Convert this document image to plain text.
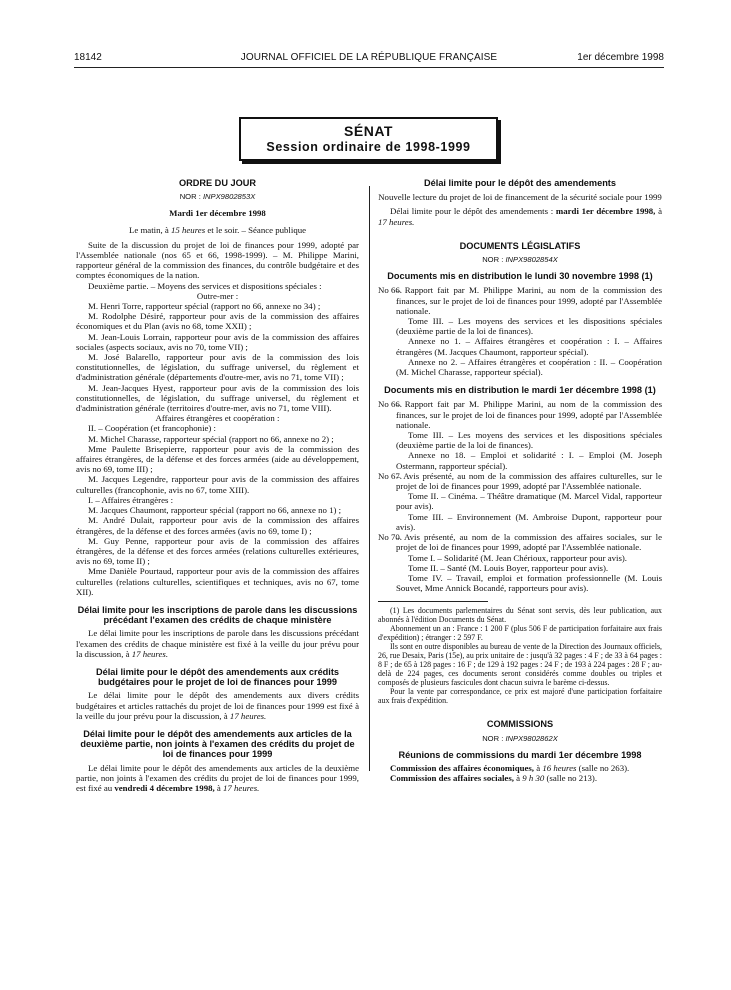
18142	JOURNAL OFFICIEL DE LA RÉPUBLIQUE FRANÇAISE	1er décembre 1998
SÉNAT
Session ordinaire de 1998-1999
ORDRE DU JOUR
NOR : INPX9802853X
Mardi 1er décembre 1998

Le matin, à 15 heures et le soir. – Séance publique

Suite de la discussion du projet de loi de finances pour 1999, adopté par l'Assemblée nationale (nos 65 et 66, 1998-1999). – M. Philippe Marini, rapporteur général de la commission des finances, du contrôle budgétaire et des comptes économiques de la nation.

Deuxième partie. – Moyens des services et dispositions spéciales :

Outre-mer :

M. Henri Torre, rapporteur spécial (rapport no 66, annexe no 34) ;

M. Rodolphe Désiré, rapporteur pour avis de la commission des affaires économiques et du Plan (avis no 68, tome XXII) ;

M. Jean-Louis Lorrain, rapporteur pour avis de la commission des affaires sociales (aspects sociaux, avis no 70, tome VII) ;

M. José Balarello, rapporteur pour avis de la commission des lois constitutionnelles, de législation, du suffrage universel, du règlement et d'administration générale (départements d'outre-mer, avis no 71, tome VII) ;

M. Jean-Jacques Hyest, rapporteur pour avis de la commission des lois constitutionnelles, de législation, du suffrage universel, du règlement et d'administration générale (territoires d'outre-mer, avis no 71, tome VIII).

Affaires étrangères et coopération :

II. – Coopération (et francophonie) :

M. Michel Charasse, rapporteur spécial (rapport no 66, annexe no 2) ;

Mme Paulette Brisepierre, rapporteur pour avis de la commission des affaires étrangères, de la défense et des forces armées (aide au développement, avis no 69, tome III) ;

M. Jacques Legendre, rapporteur pour avis de la commission des affaires culturelles (francophonie, avis no 67, tome XIII).

I. – Affaires étrangères :

M. Jacques Chaumont, rapporteur spécial (rapport no 66, annexe no 1) ;

M. André Dulait, rapporteur pour avis de la commission des affaires étrangères, de la défense et des forces armées (avis no 69, tome I) ;

M. Guy Penne, rapporteur pour avis de la commission des affaires étrangères, de la défense et des forces armées (relations culturelles extérieures, avis no 69, tome II) ;

Mme Danièle Pourtaud, rapporteur pour avis de la commission des affaires culturelles (relations culturelles, scientifiques et techniques, avis no 67, tome XII).

Délai limite pour les inscriptions de parole dans les discussions précédant l'examen des crédits de chaque ministère

Le délai limite pour les inscriptions de parole dans les discussions précédant l'examen des crédits de chaque ministère est fixé à la veille du jour prévu pour la discussion, à 17 heures.

Délai limite pour le dépôt des amendements aux crédits budgétaires pour le projet de loi de finances pour 1999

Le délai limite pour le dépôt des amendements aux divers crédits budgétaires et articles rattachés du projet de loi de finances pour 1999 est fixé à la veille du jour prévu pour la discussion, à 17 heures.

Délai limite pour le dépôt des amendements aux articles de la deuxième partie, non joints à l'examen des crédits du projet de loi de finances pour 1999

Le délai limite pour le dépôt des amendements aux articles de la deuxième partie, non joints à l'examen des crédits du projet de loi de finances pour 1999, est fixé au vendredi 4 décembre 1998, à 17 heures.

Délai limite pour le dépôt des amendements

Nouvelle lecture du projet de loi de financement de la sécurité sociale pour 1999

Délai limite pour le dépôt des amendements : mardi 1er décembre 1998, à 17 heures.

DOCUMENTS LÉGISLATIFS
NOR : INPX9802854X
Documents mis en distribution le lundi 30 novembre 1998 (1)
No 66.
– Rapport fait par M. Philippe Marini, au nom de la commission des finances, sur le projet de loi de finances pour 1999, adopté par l'Assemblée nationale.

Tome III. – Les moyens des services et les dispositions spéciales (deuxième partie de la loi de finances).

Annexe no 1. – Affaires étrangères et coopération : I. – Affaires étrangères (M. Jacques Chaumont, rapporteur spécial).

Annexe no 2. – Affaires étrangères et coopération : II. – Coopération (M. Michel Charasse, rapporteur spécial).

Documents mis en distribution le mardi 1er décembre 1998 (1)
No 66.
– Rapport fait par M. Philippe Marini, au nom de la commission des finances, sur le projet de loi de finances pour 1999, adopté par l'Assemblée nationale.

Tome III. – Les moyens des services et les dispositions spéciales (deuxième partie de la loi de finances).

Annexe no 18. – Emploi et solidarité : I. – Emploi (M. Joseph Ostermann, rapporteur spécial).

No 67.
– Avis présenté, au nom de la commission des affaires culturelles, sur le projet de loi de finances pour 1999, adopté par l'Assemblée nationale.

Tome II. – Cinéma. – Théâtre dramatique (M. Marcel Vidal, rapporteur pour avis).

Tome III. – Environnement (M. Ambroise Dupont, rapporteur pour avis).

No 70.
– Avis présenté, au nom de la commission des affaires sociales, sur le projet de loi de finances pour 1999, adopté par l'Assemblée nationale.

Tome I. – Solidarité (M. Jean Chérioux, rapporteur pour avis).

Tome II. – Santé (M. Louis Boyer, rapporteur pour avis).

Tome IV. – Travail, emploi et formation professionnelle (M. Louis Souvet, Mme Annick Bocandé, rapporteurs pour avis).

(1) Les documents parlementaires du Sénat sont servis, dès leur publication, aux abonnés à l'édition Documents du Sénat.

Abonnement un an : France : 1 200 F (plus 506 F de participation forfaitaire aux frais d'expédition) ; étranger : 2 597 F.

Ils sont en outre disponibles au bureau de vente de la Direction des Journaux officiels, 26, rue Desaix, Paris (15e), au prix unitaire de : jusqu'à 32 pages : 4 F ; de 33 à 64 pages : 8 F ; de 65 à 128 pages : 16 F ; de 129 à 192 pages : 24 F ; de 193 à 224 pages : 28 F ; au-delà de 224 pages, ces documents seront considérés comme doubles ou triples et composés de plusieurs fascicules dont chacun suivra le barème ci-dessus.

Pour la vente par correspondance, ce prix est majoré d'une participation forfaitaire aux frais d'expédition.

COMMISSIONS
NOR : INPX9802862X
Réunions de commissions du mardi 1er décembre 1998

Commission des affaires économiques, à 16 heures (salle no 263).

Commission des affaires sociales, à 9 h 30 (salle no 213).
